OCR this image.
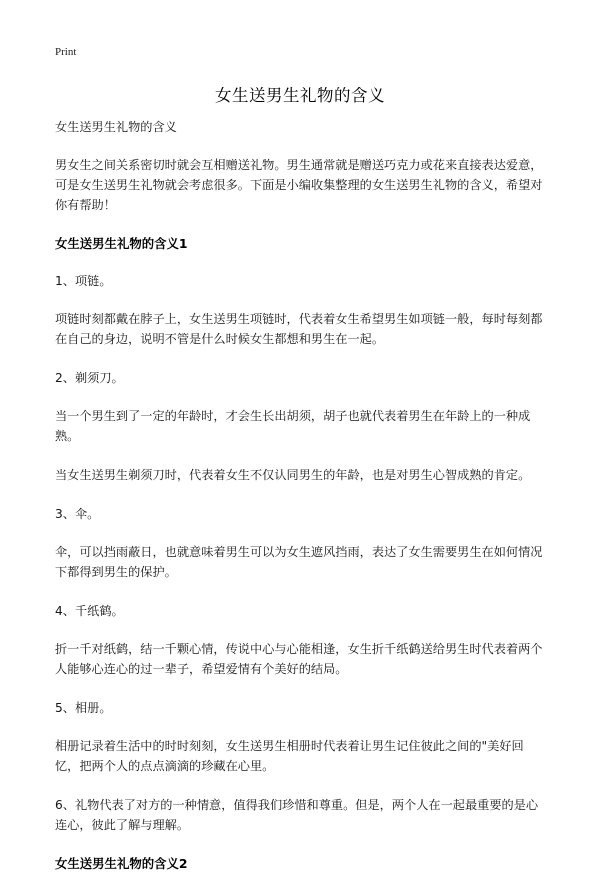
Print

女生送男生礼物的含义

女生送男生礼物的含义

男女生之间关系密切时就会互相赠送礼物。男生通常就是赠送巧克力或花来直接表达爱意，可是女生送男生礼物就会考虑很多。下面是小编收集整理的女生送男生礼物的含义，希望对你有帮助！

女生送男生礼物的含义1

1、项链。

项链时刻都戴在脖子上，女生送男生项链时，代表着女生希望男生如项链一般，每时每刻都在自己的身边，说明不管是什么时候女生都想和男生在一起。

2、剃须刀。

当一个男生到了一定的年龄时，才会生长出胡须，胡子也就代表着男生在年龄上的一种成熟。

当女生送男生剃须刀时，代表着女生不仅认同男生的年龄，也是对男生心智成熟的肯定。

3、伞。

伞，可以挡雨蔽日，也就意味着男生可以为女生遮风挡雨，表达了女生需要男生在如何情况下都得到男生的保护。

4、千纸鹤。

折一千对纸鹤，结一千颗心情，传说中心与心能相逢，女生折千纸鹤送给男生时代表着两个人能够心连心的过一辈子，希望爱情有个美好的结局。

5、相册。

相册记录着生活中的时时刻刻，女生送男生相册时代表着让男生记住彼此之间的"美好回忆，把两个人的点点滴滴的珍藏在心里。

6、礼物代表了对方的一种情意，值得我们珍惜和尊重。但是，两个人在一起最重要的是心连心，彼此了解与理解。

女生送男生礼物的含义2
